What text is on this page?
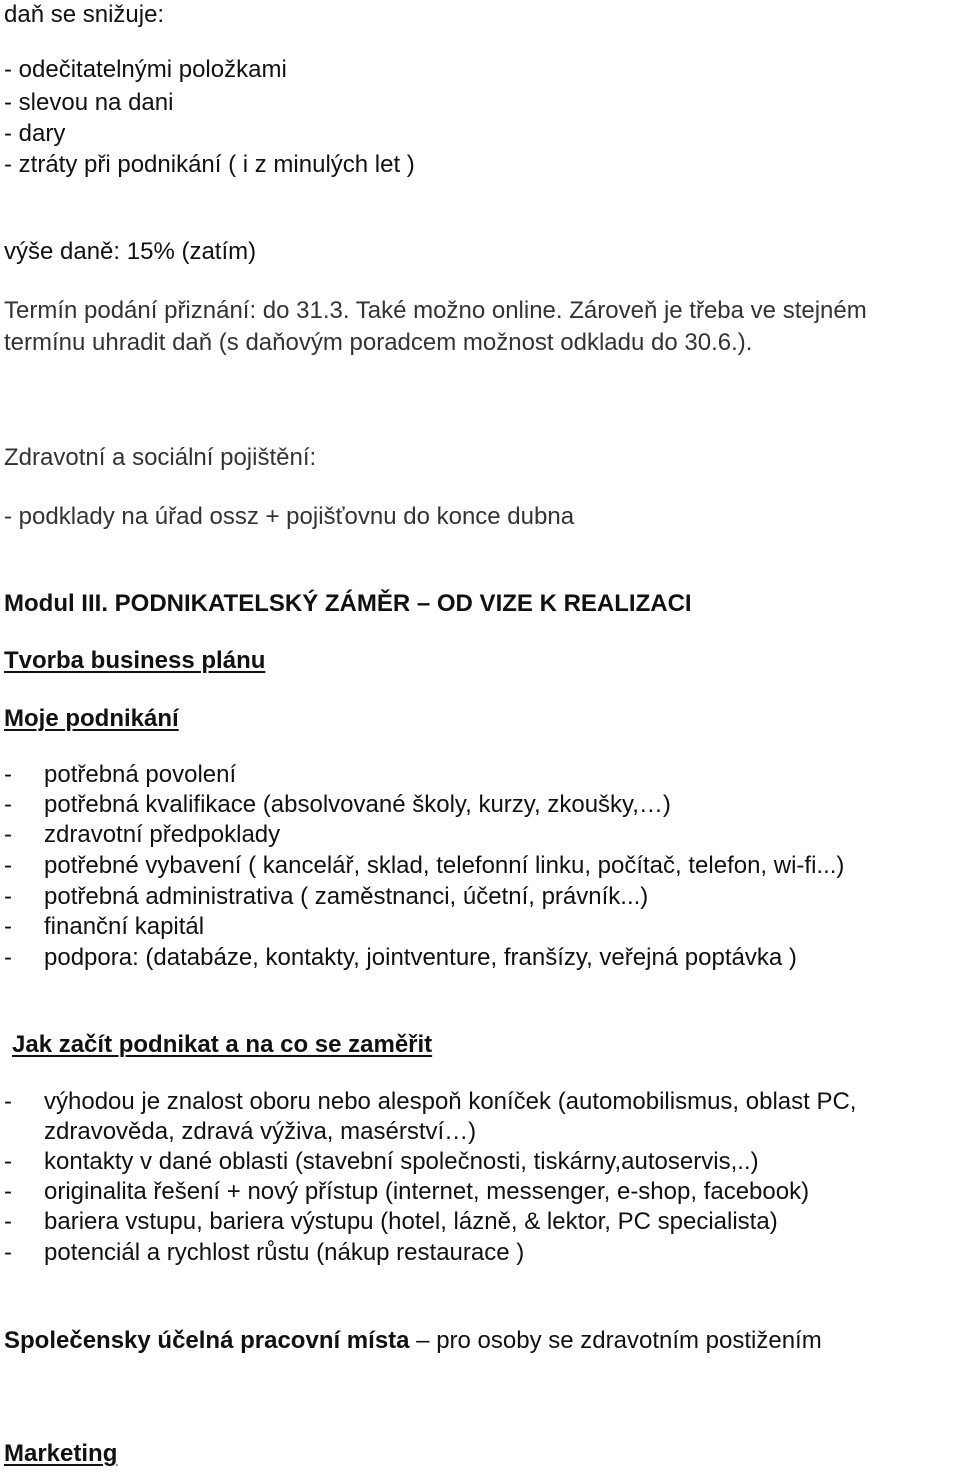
daň se snižuje:

- odečitatelnými položkami

- slevou na dani

- dary

- ztráty při podnikání ( i z minulých let )

výše daně: 15% (zatím)

Termín podání přiznání: do 31.3. Také možno online. Zároveň je třeba ve stejném

termínu uhradit daň (s daňovým poradcem možnost odkladu do 30.6.).

Zdravotní a sociální pojištění:

- podklady na úřad ossz + pojišťovnu do konce dubna

Modul III. PODNIKATELSKÝ ZÁMĚR – OD VIZE K REALIZACI

Tvorba business plánu

Moje podnikání

- potřebná povolení

- potřebná kvalifikace (absolvované školy, kurzy, zkoušky,…)

- zdravotní předpoklady

- potřebné vybavení ( kancelář, sklad, telefonní linku, počítač, telefon, wi-fi...)

- potřebná administrativa ( zaměstnanci, účetní, právník...)

- finanční kapitál

- podpora: (databáze, kontakty, jointventure, franšízy, veřejná poptávka )

Jak začít podnikat a na co se zaměřit

- výhodou je znalost oboru nebo alespoň koníček (automobilismus, oblast PC,

zdravověda, zdravá výživa, masérství…)

- kontakty v dané oblasti (stavební společnosti, tiskárny,autoservis,..)

- originalita řešení + nový přístup (internet, messenger, e-shop, facebook)

- bariera vstupu, bariera výstupu (hotel, lázně, & lektor, PC specialista)

- potenciál a rychlost růstu (nákup restaurace )

Společensky účelná pracovní místa – pro osoby se zdravotním postižením

Marketing
